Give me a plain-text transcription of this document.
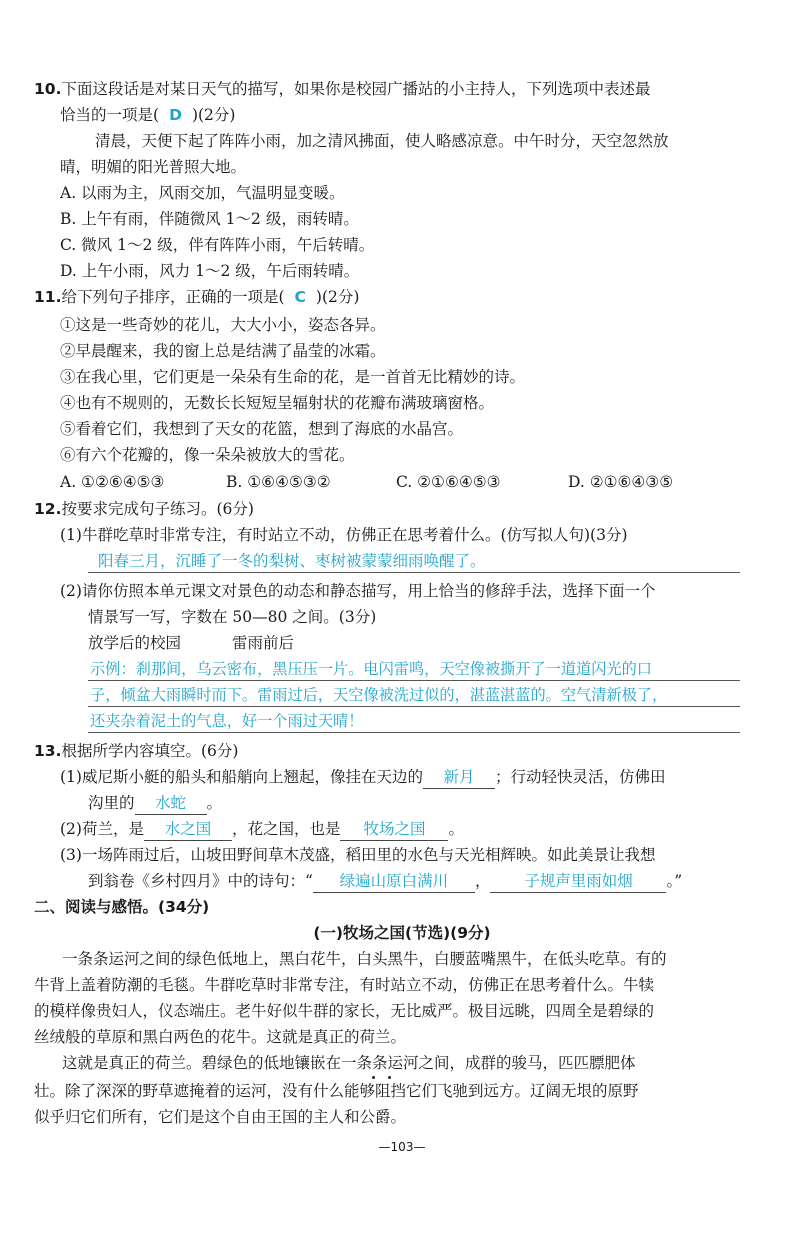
10.下面这段话是对某日天气的描写，如果你是校园广播站的小主持人，下列选项中表述最
恰当的一项是( D )(2分)
清晨，天便下起了阵阵小雨，加之清风拂面，使人略感凉意。中午时分，天空忽然放
晴，明媚的阳光普照大地。
A. 以雨为主，风雨交加，气温明显变暖。
B. 上午有雨，伴随微风 1～2 级，雨转晴。
C. 微风 1～2 级，伴有阵阵小雨，午后转晴。
D. 上午小雨，风力 1～2 级，午后雨转晴。
11.给下列句子排序，正确的一项是( C )(2分)
①这是一些奇妙的花儿，大大小小，姿态各异。
②早晨醒来，我的窗上总是结满了晶莹的冰霜。
③在我心里，它们更是一朵朵有生命的花，是一首首无比精妙的诗。
④也有不规则的，无数长长短短呈辐射状的花瓣布满玻璃窗格。
⑤看着它们，我想到了天女的花篮，想到了海底的水晶宫。
⑥有六个花瓣的，像一朵朵被放大的雪花。
A. ①②⑥④⑤③	B. ①⑥④⑤③②	C. ②①⑥④⑤③	D. ②①⑥④③⑤
12.按要求完成句子练习。(6分)
(1)牛群吃草时非常专注，有时站立不动，仿佛正在思考着什么。(仿写拟人句)(3分)
阳春三月，沉睡了一冬的梨树、枣树被蒙蒙细雨唤醒了。
(2)请你仿照本单元课文对景色的动态和静态描写，用上恰当的修辞手法，选择下面一个
情景写一写，字数在 50—80 之间。(3分)
放学后的校园	雷雨前后
示例：刹那间，乌云密布，黑压压一片。电闪雷鸣，天空像被撕开了一道道闪光的口
子，倾盆大雨瞬时而下。雷雨过后，天空像被洗过似的，湛蓝湛蓝的。空气清新极了，
还夹杂着泥土的气息，好一个雨过天晴！
13.根据所学内容填空。(6分)
(1)威尼斯小艇的船头和船艄向上翘起，像挂在天边的 新月 ；行动轻快灵活，仿佛田
沟里的 水蛇 。
(2)荷兰，是 水之国 ，花之国，也是 牧场之国 。
(3)一场阵雨过后，山坡田野间草木茂盛，稻田里的水色与天光相辉映。如此美景让我想
到翁卷《乡村四月》中的诗句：“ 绿遍山原白满川 ， 子规声里雨如烟 。”
二、阅读与感悟。(34分)
(一)牧场之国(节选)(9分)
一条条运河之间的绿色低地上，黑白花牛，白头黑牛，白腰蓝嘴黑牛，在低头吃草。有的
牛背上盖着防潮的毛毯。牛群吃草时非常专注，有时站立不动，仿佛正在思考着什么。牛犊
的模样像贵妇人，仪态端庄。老牛好似牛群的家长，无比威严。极目远眺，四周全是碧绿的
丝绒般的草原和黑白两色的花牛。这就是真正的荷兰。
这就是真正的荷兰。碧绿色的低地镶嵌在一条条运河之间，成群的骏马，匹匹膘肥体
壮。除了深深的野草遮掩着的运河，没有什么能够阻挡它们飞驰到远方。辽阔无垠的原野
似乎归它们所有，它们是这个自由王国的主人和公爵。
—103—
